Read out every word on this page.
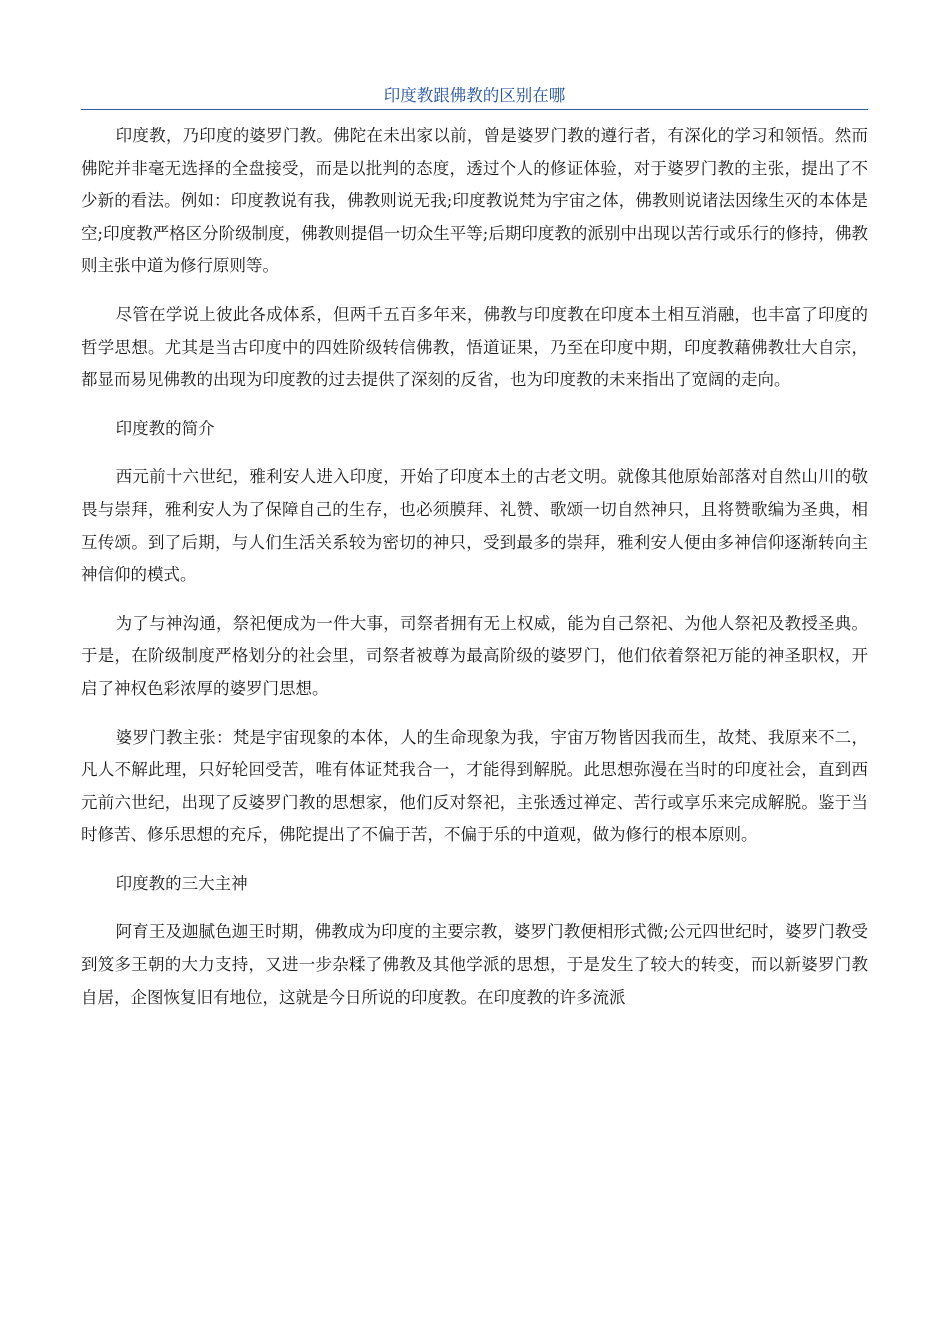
印度教跟佛教的区别在哪

印度教，乃印度的婆罗门教。佛陀在未出家以前，曾是婆罗门教的遵行者，有深化的学习和领悟。然而佛陀并非毫无选择的全盘接受，而是以批判的态度，透过个人的修证体验，对于婆罗门教的主张，提出了不少新的看法。例如：印度教说有我，佛教则说无我;印度教说梵为宇宙之体，佛教则说诸法因缘生灭的本体是空;印度教严格区分阶级制度，佛教则提倡一切众生平等;后期印度教的派别中出现以苦行或乐行的修持，佛教则主张中道为修行原则等。

尽管在学说上彼此各成体系，但两千五百多年来，佛教与印度教在印度本土相互消融，也丰富了印度的哲学思想。尤其是当古印度中的四姓阶级转信佛教，悟道证果，乃至在印度中期，印度教藉佛教壮大自宗，都显而易见佛教的出现为印度教的过去提供了深刻的反省，也为印度教的未来指出了宽阔的走向。

印度教的简介

西元前十六世纪，雅利安人进入印度，开始了印度本土的古老文明。就像其他原始部落对自然山川的敬畏与崇拜，雅利安人为了保障自己的生存，也必须膜拜、礼赞、歌颂一切自然神只，且将赞歌编为圣典，相互传颂。到了后期，与人们生活关系较为密切的神只，受到最多的崇拜，雅利安人便由多神信仰逐渐转向主神信仰的模式。

为了与神沟通，祭祀便成为一件大事，司祭者拥有无上权威，能为自己祭祀、为他人祭祀及教授圣典。于是，在阶级制度严格划分的社会里，司祭者被尊为最高阶级的婆罗门，他们依着祭祀万能的神圣职权，开启了神权色彩浓厚的婆罗门思想。

婆罗门教主张：梵是宇宙现象的本体，人的生命现象为我，宇宙万物皆因我而生，故梵、我原来不二，凡人不解此理，只好轮回受苦，唯有体证梵我合一，才能得到解脱。此思想弥漫在当时的印度社会，直到西元前六世纪，出现了反婆罗门教的思想家，他们反对祭祀，主张透过禅定、苦行或享乐来完成解脱。鉴于当时修苦、修乐思想的充斥，佛陀提出了不偏于苦，不偏于乐的中道观，做为修行的根本原则。

印度教的三大主神

阿育王及迦腻色迦王时期，佛教成为印度的主要宗教，婆罗门教便相形式微;公元四世纪时，婆罗门教受到笈多王朝的大力支持，又进一步杂糅了佛教及其他学派的思想，于是发生了较大的转变，而以新婆罗门教自居，企图恢复旧有地位，这就是今日所说的印度教。在印度教的许多流派
